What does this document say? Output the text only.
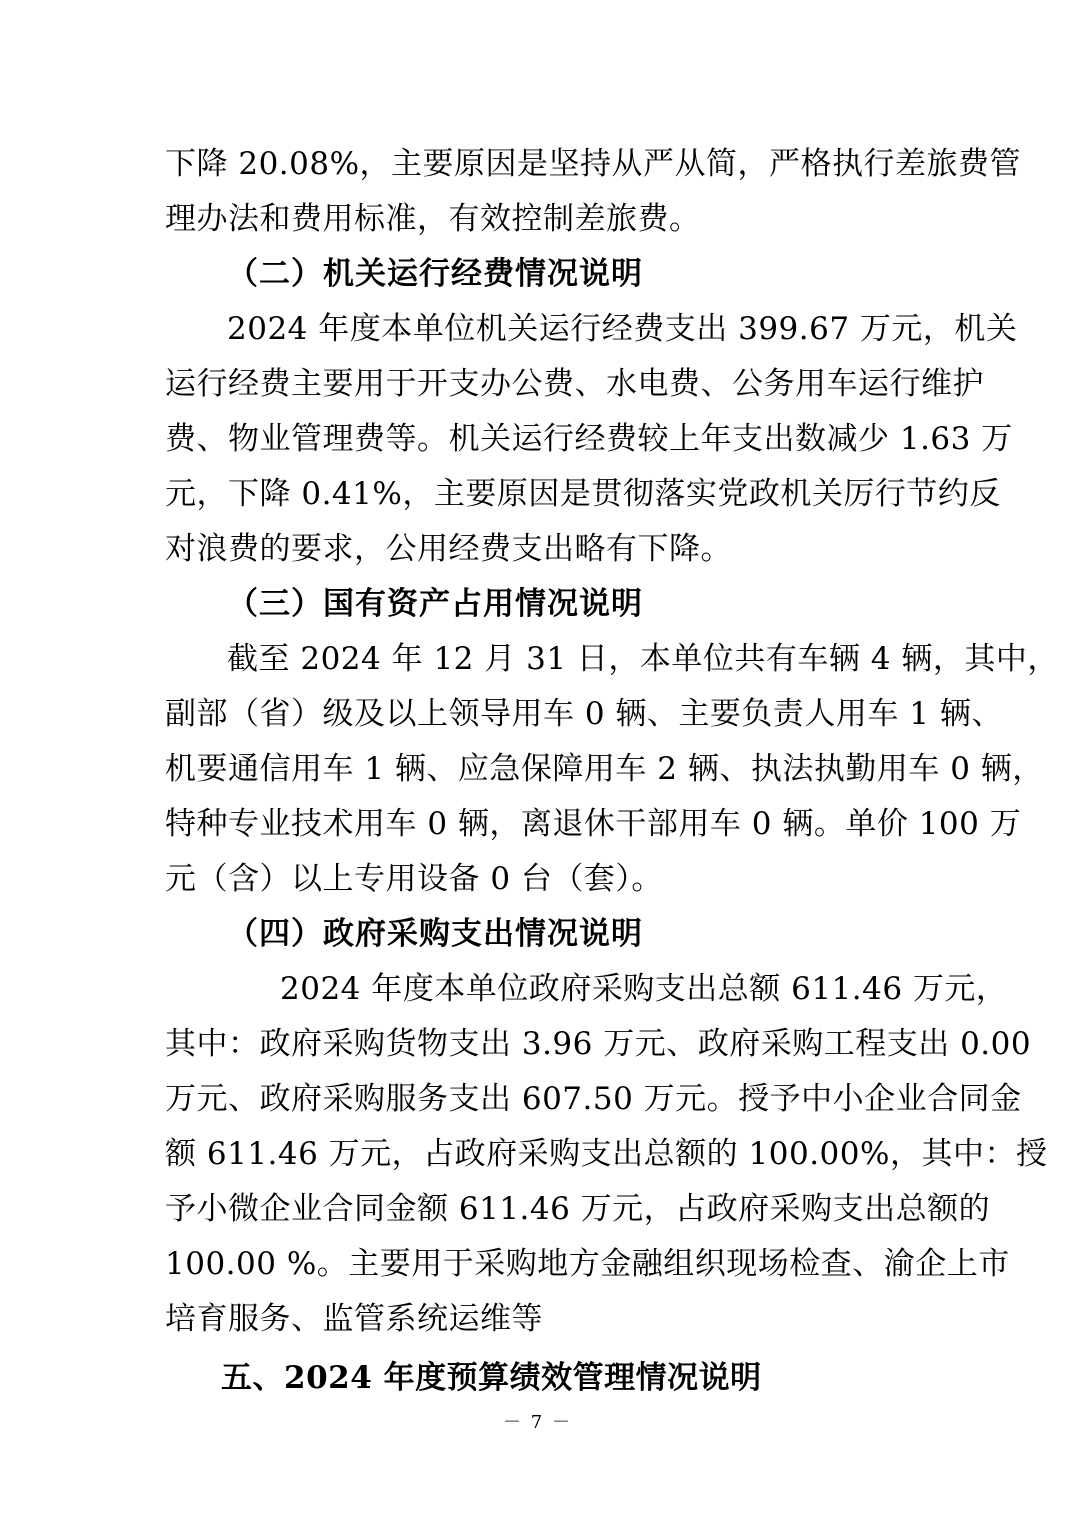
下降 20.08%，主要原因是坚持从严从简，严格执行差旅费管
理办法和费用标准，有效控制差旅费。
（二）机关运行经费情况说明
2024 年度本单位机关运行经费支出 399.67 万元，机关
运行经费主要用于开支办公费、水电费、公务用车运行维护
费、物业管理费等。机关运行经费较上年支出数减少 1.63 万
元，下降 0.41%，主要原因是贯彻落实党政机关厉行节约反
对浪费的要求，公用经费支出略有下降。
（三）国有资产占用情况说明
截至 2024 年 12 月 31 日，本单位共有车辆 4 辆，其中，
副部（省）级及以上领导用车 0 辆、主要负责人用车 1 辆、
机要通信用车 1 辆、应急保障用车 2 辆、执法执勤用车 0 辆，
特种专业技术用车 0 辆，离退休干部用车 0 辆。单价 100 万
元（含）以上专用设备 0 台（套）。
（四）政府采购支出情况说明
2024 年度本单位政府采购支出总额 611.46 万元，
其中：政府采购货物支出 3.96 万元、政府采购工程支出 0.00
万元、政府采购服务支出 607.50 万元。授予中小企业合同金
额 611.46 万元，占政府采购支出总额的 100.00%，其中：授
予小微企业合同金额 611.46 万元，占政府采购支出总额的
100.00 %。主要用于采购地方金融组织现场检查、渝企上市
培育服务、监管系统运维等
五、2024 年度预算绩效管理情况说明
－ 7 －
